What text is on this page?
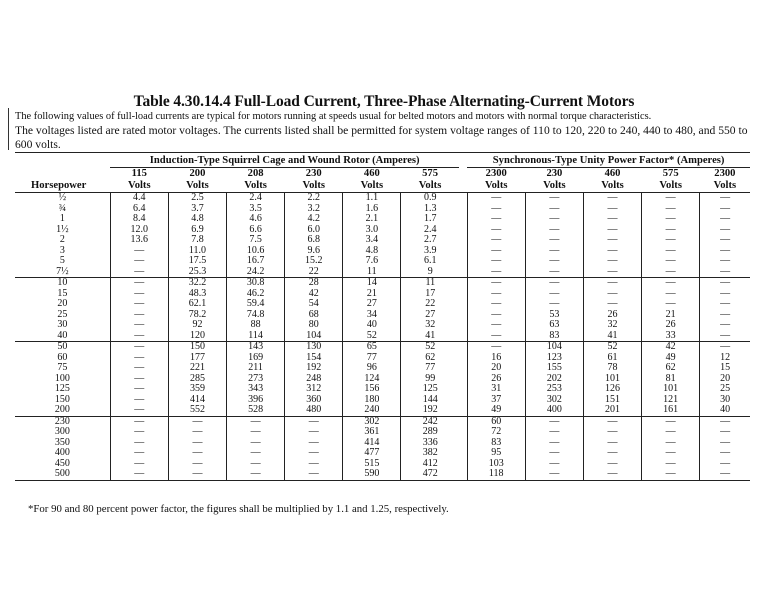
Table 4.30.14.4 Full-Load Current, Three-Phase Alternating-Current Motors
The following values of full-load currents are typical for motors running at speeds usual for belted motors and motors with normal torque characteristics.
The voltages listed are rated motor voltages. The currents listed shall be permitted for system voltage ranges of 110 to 120, 220 to 240, 440 to 480, and 550 to 600 volts.
	Induction-Type Squirrel Cage and Wound Rotor (Amperes)							Synchronous-Type Unity Power Factor* (Amperes)				
	115	200	208	230	460	575		2300	230	460	575	2300
Horsepower	Volts	Volts	Volts	Volts	Volts	Volts		Volts	Volts	Volts	Volts	Volts
½	4.4	2.5	2.4	2.2	1.1	0.9		—	—	—	—	—
¾	6.4	3.7	3.5	3.2	1.6	1.3		—	—	—	—	—
1	8.4	4.8	4.6	4.2	2.1	1.7		—	—	—	—	—
1½	12.0	6.9	6.6	6.0	3.0	2.4		—	—	—	—	—
2	13.6	7.8	7.5	6.8	3.4	2.7		—	—	—	—	—
3	—	11.0	10.6	9.6	4.8	3.9		—	—	—	—	—
5	—	17.5	16.7	15.2	7.6	6.1		—	—	—	—	—
7½	—	25.3	24.2	22	11	9		—	—	—	—	—
10	—	32.2	30.8	28	14	11		—	—	—	—	—
15	—	48.3	46.2	42	21	17		—	—	—	—	—
20	—	62.1	59.4	54	27	22		—	—	—	—	—
25	—	78.2	74.8	68	34	27		—	53	26	21	—
30	—	92	88	80	40	32		—	63	32	26	—
40	—	120	114	104	52	41		—	83	41	33	—
50	—	150	143	130	65	52		—	104	52	42	—
60	—	177	169	154	77	62		16	123	61	49	12
75	—	221	211	192	96	77		20	155	78	62	15
100	—	285	273	248	124	99		26	202	101	81	20
125	—	359	343	312	156	125		31	253	126	101	25
150	—	414	396	360	180	144		37	302	151	121	30
200	—	552	528	480	240	192		49	400	201	161	40
230	—	—	—	—	302	242		60	—	—	—	—
300	—	—	—	—	361	289		72	—	—	—	—
350	—	—	—	—	414	336		83	—	—	—	—
400	—	—	—	—	477	382		95	—	—	—	—
450	—	—	—	—	515	412		103	—	—	—	—
500	—	—	—	—	590	472		118	—	—	—	—
*For 90 and 80 percent power factor, the figures shall be multiplied by 1.1 and 1.25, respectively.
